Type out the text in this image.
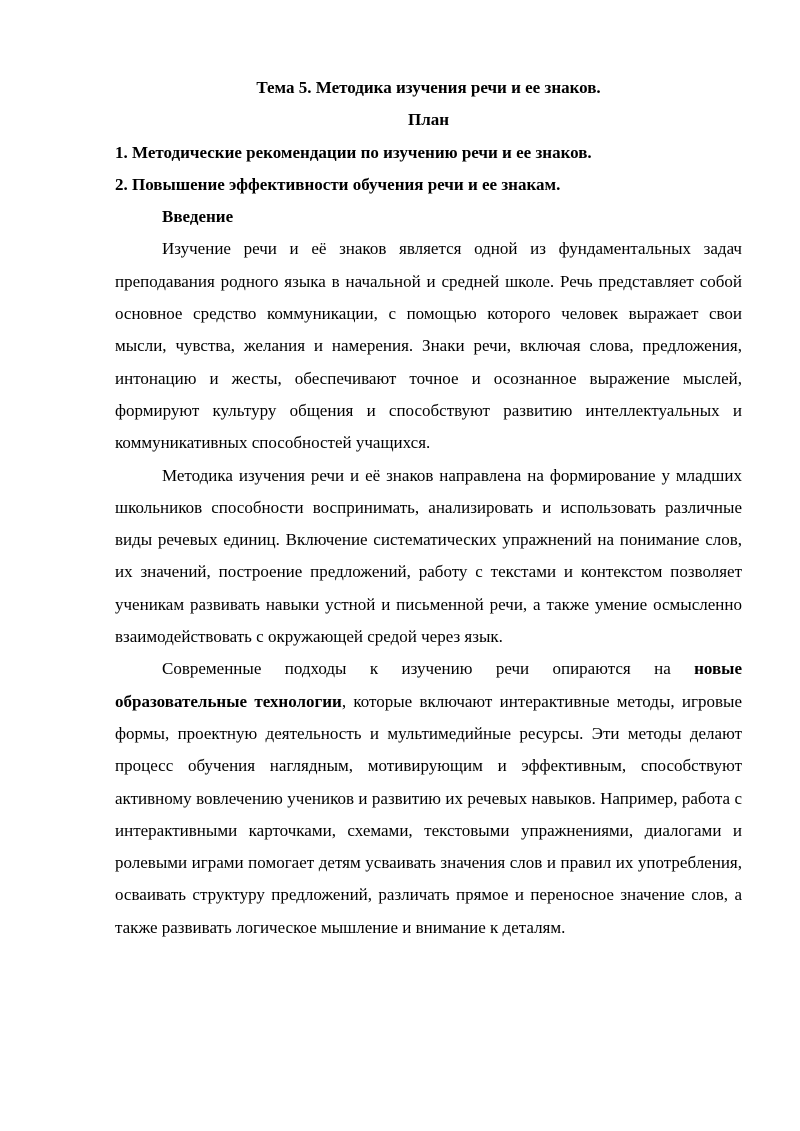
Тема 5. Методика изучения речи и ее знаков.

План

1. Методические рекомендации по изучению речи и ее знаков.

2. Повышение эффективности обучения речи и ее знакам.

Введение

Изучение речи и её знаков является одной из фундаментальных задач преподавания родного языка в начальной и средней школе. Речь представляет собой основное средство коммуникации, с помощью которого человек выражает свои мысли, чувства, желания и намерения. Знаки речи, включая слова, предложения, интонацию и жесты, обеспечивают точное и осознанное выражение мыслей, формируют культуру общения и способствуют развитию интеллектуальных и коммуникативных способностей учащихся.

Методика изучения речи и её знаков направлена на формирование у младших школьников способности воспринимать, анализировать и использовать различные виды речевых единиц. Включение систематических упражнений на понимание слов, их значений, построение предложений, работу с текстами и контекстом позволяет ученикам развивать навыки устной и письменной речи, а также умение осмысленно взаимодействовать с окружающей средой через язык.

Современные подходы к изучению речи опираются на новые образовательные технологии, которые включают интерактивные методы, игровые формы, проектную деятельность и мультимедийные ресурсы. Эти методы делают процесс обучения наглядным, мотивирующим и эффективным, способствуют активному вовлечению учеников и развитию их речевых навыков. Например, работа с интерактивными карточками, схемами, текстовыми упражнениями, диалогами и ролевыми играми помогает детям усваивать значения слов и правил их употребления, осваивать структуру предложений, различать прямое и переносное значение слов, а также развивать логическое мышление и внимание к деталям.
